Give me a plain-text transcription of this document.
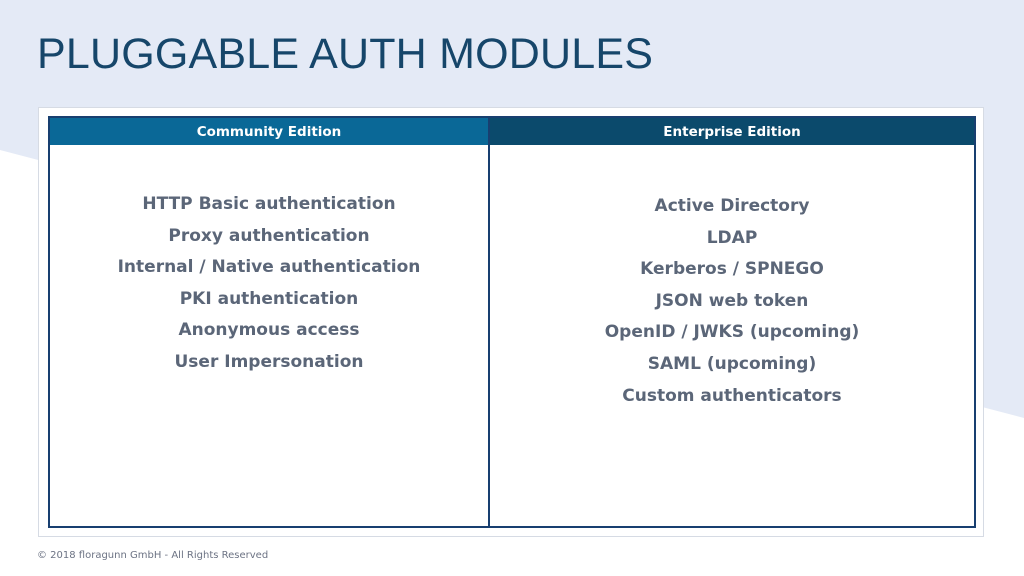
PLUGGABLE AUTH MODULES
Community Edition
HTTP Basic authentication
Proxy authentication
Internal / Native authentication
PKI authentication
Anonymous access
User Impersonation
Enterprise Edition
Active Directory
LDAP
Kerberos / SPNEGO
JSON web token
OpenID / JWKS (upcoming)
SAML (upcoming)
Custom authenticators
© 2018 floragunn GmbH - All Rights Reserved
